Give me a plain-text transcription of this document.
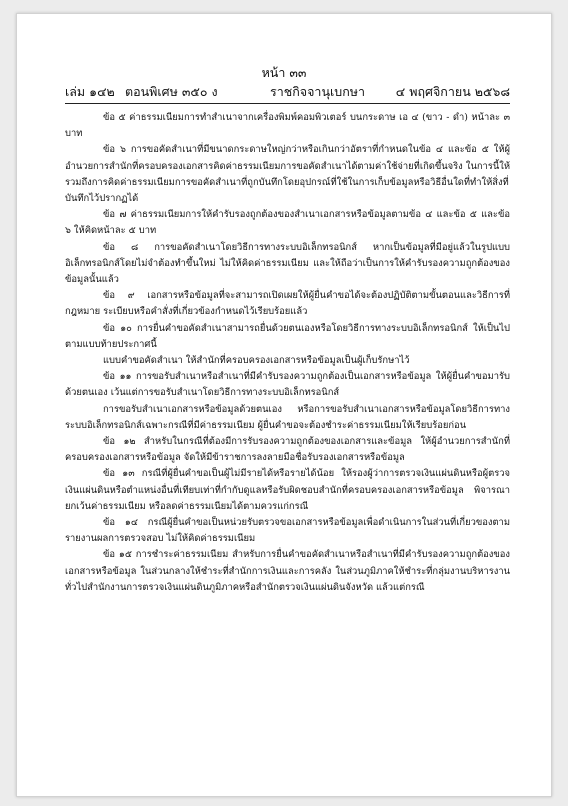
หน้า ๓๓
เล่ม ๑๔๒ ตอนพิเศษ ๓๕๐ ง	ราชกิจจานุเบกษา ๔ พฤศจิกายน ๒๕๖๘

ข้อ ๕ ค่าธรรมเนียมการทำสำเนาจากเครื่องพิมพ์คอมพิวเตอร์ บนกระดาษ เอ ๔ (ขาว - ดำ) หน้าละ ๓ บาท

ข้อ ๖ การขอคัดสำเนาที่มีขนาดกระดาษใหญ่กว่าหรือเกินกว่าอัตราที่กำหนดในข้อ ๔ และข้อ ๕ ให้ผู้อำนวยการสำนักที่ครอบครองเอกสารคิดค่าธรรมเนียมการขอคัดสำเนาได้ตามค่าใช้จ่ายที่เกิดขึ้นจริง ในการนี้ให้รวมถึงการคิดค่าธรรมเนียมการขอคัดสำเนาที่ถูกบันทึกโดยอุปกรณ์ที่ใช้ในการเก็บข้อมูลหรือวิธีอื่นใดที่ทำให้สิ่งที่บันทึกไว้ปรากฏได้

ข้อ ๗ ค่าธรรมเนียมการให้คำรับรองถูกต้องของสำเนาเอกสารหรือข้อมูลตามข้อ ๔ และข้อ ๕ และข้อ ๖ ให้คิดหน้าละ ๕ บาท

ข้อ ๘ การขอคัดสำเนาโดยวิธีการทางระบบอิเล็กทรอนิกส์ หากเป็นข้อมูลที่มีอยู่แล้วในรูปแบบอิเล็กทรอนิกส์โดยไม่จำต้องทำขึ้นใหม่ ไม่ให้คิดค่าธรรมเนียม และให้ถือว่าเป็นการให้คำรับรองความถูกต้องของข้อมูลนั้นแล้ว

ข้อ ๙ เอกสารหรือข้อมูลที่จะสามารถเปิดเผยให้ผู้ยื่นคำขอได้จะต้องปฏิบัติตามขั้นตอนและวิธีการที่กฎหมาย ระเบียบหรือคำสั่งที่เกี่ยวข้องกำหนดไว้เรียบร้อยแล้ว

ข้อ ๑๐ การยื่นคำขอคัดสำเนาสามารถยื่นด้วยตนเองหรือโดยวิธีการทางระบบอิเล็กทรอนิกส์ ให้เป็นไปตามแบบท้ายประกาศนี้

แบบคำขอคัดสำเนา ให้สำนักที่ครอบครองเอกสารหรือข้อมูลเป็นผู้เก็บรักษาไว้

ข้อ ๑๑ การขอรับสำเนาหรือสำเนาที่มีคำรับรองความถูกต้องเป็นเอกสารหรือข้อมูล ให้ผู้ยื่นคำขอมารับด้วยตนเอง เว้นแต่การขอรับสำเนาโดยวิธีการทางระบบอิเล็กทรอนิกส์

การขอรับสำเนาเอกสารหรือข้อมูลด้วยตนเอง หรือการขอรับสำเนาเอกสารหรือข้อมูลโดยวิธีการทางระบบอิเล็กทรอนิกส์เฉพาะกรณีที่มีค่าธรรมเนียม ผู้ยื่นคำขอจะต้องชำระค่าธรรมเนียมให้เรียบร้อยก่อน

ข้อ ๑๒ สำหรับในกรณีที่ต้องมีการรับรองความถูกต้องของเอกสารและข้อมูล ให้ผู้อำนวยการสำนักที่ครอบครองเอกสารหรือข้อมูล จัดให้มีข้าราชการลงลายมือชื่อรับรองเอกสารหรือข้อมูล

ข้อ ๑๓ กรณีที่ผู้ยื่นคำขอเป็นผู้ไม่มีรายได้หรือรายได้น้อย ให้รองผู้ว่าการตรวจเงินแผ่นดินหรือผู้ตรวจเงินแผ่นดินหรือตำแหน่งอื่นที่เทียบเท่าที่กำกับดูแลหรือรับผิดชอบสำนักที่ครอบครองเอกสารหรือข้อมูล พิจารณายกเว้นค่าธรรมเนียม หรือลดค่าธรรมเนียมได้ตามควรแก่กรณี

ข้อ ๑๔ กรณีผู้ยื่นคำขอเป็นหน่วยรับตรวจขอเอกสารหรือข้อมูลเพื่อดำเนินการในส่วนที่เกี่ยวของตามรายงานผลการตรวจสอบ ไม่ให้คิดค่าธรรมเนียม

ข้อ ๑๕ การชำระค่าธรรมเนียม สำหรับการยื่นคำขอคัดสำเนาหรือสำเนาที่มีคำรับรองความถูกต้องของเอกสารหรือข้อมูล ในส่วนกลางให้ชำระที่สำนักการเงินและการคลัง ในส่วนภูมิภาคให้ชำระที่กลุ่มงานบริหารงานทั่วไปสำนักงานการตรวจเงินแผ่นดินภูมิภาคหรือสำนักตรวจเงินแผ่นดินจังหวัด แล้วแต่กรณี
